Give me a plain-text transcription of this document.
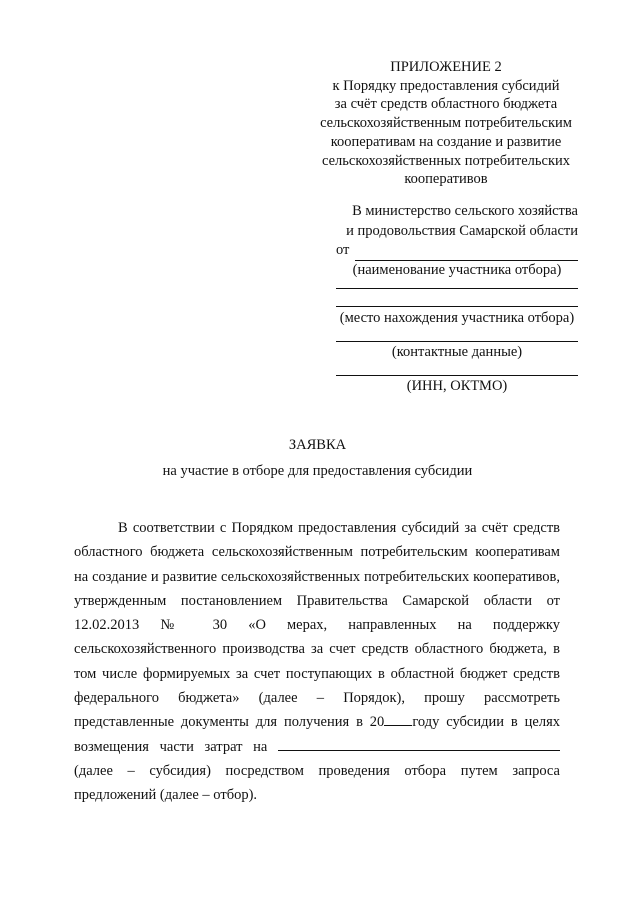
ПРИЛОЖЕНИЕ 2
к Порядку предоставления субсидий
за счёт средств областного бюджета
сельскохозяйственным потребительским
кооперативам на создание и развитие
сельскохозяйственных потребительских
кооперативов
В министерство сельского хозяйства
и продовольствия Самарской области
от
(наименование участника отбора)
(место нахождения участника отбора)
(контактные данные)
(ИНН, ОКТМО)
ЗАЯВКА
на участие в отборе для предоставления субсидии

В соответствии с Порядком предоставления субсидий за счёт средств областного бюджета сельскохозяйственным потребительским кооперативам на создание и развитие сельскохозяйственных потребительских кооперативов, утвержденным постановлением Правительства Самарской области от 12.02.2013 № 30 «О мерах, направленных на поддержку сельскохозяйственного производства за счет средств областного бюджета, в том числе формируемых за счет поступающих в областной бюджет средств федерального бюджета» (далее – Порядок), прошу рассмотреть представленные документы для получения в 20 году субсидии в целях возмещения части затрат на  (далее – субсидия) посредством проведения отбора путем запроса предложений (далее – отбор).
